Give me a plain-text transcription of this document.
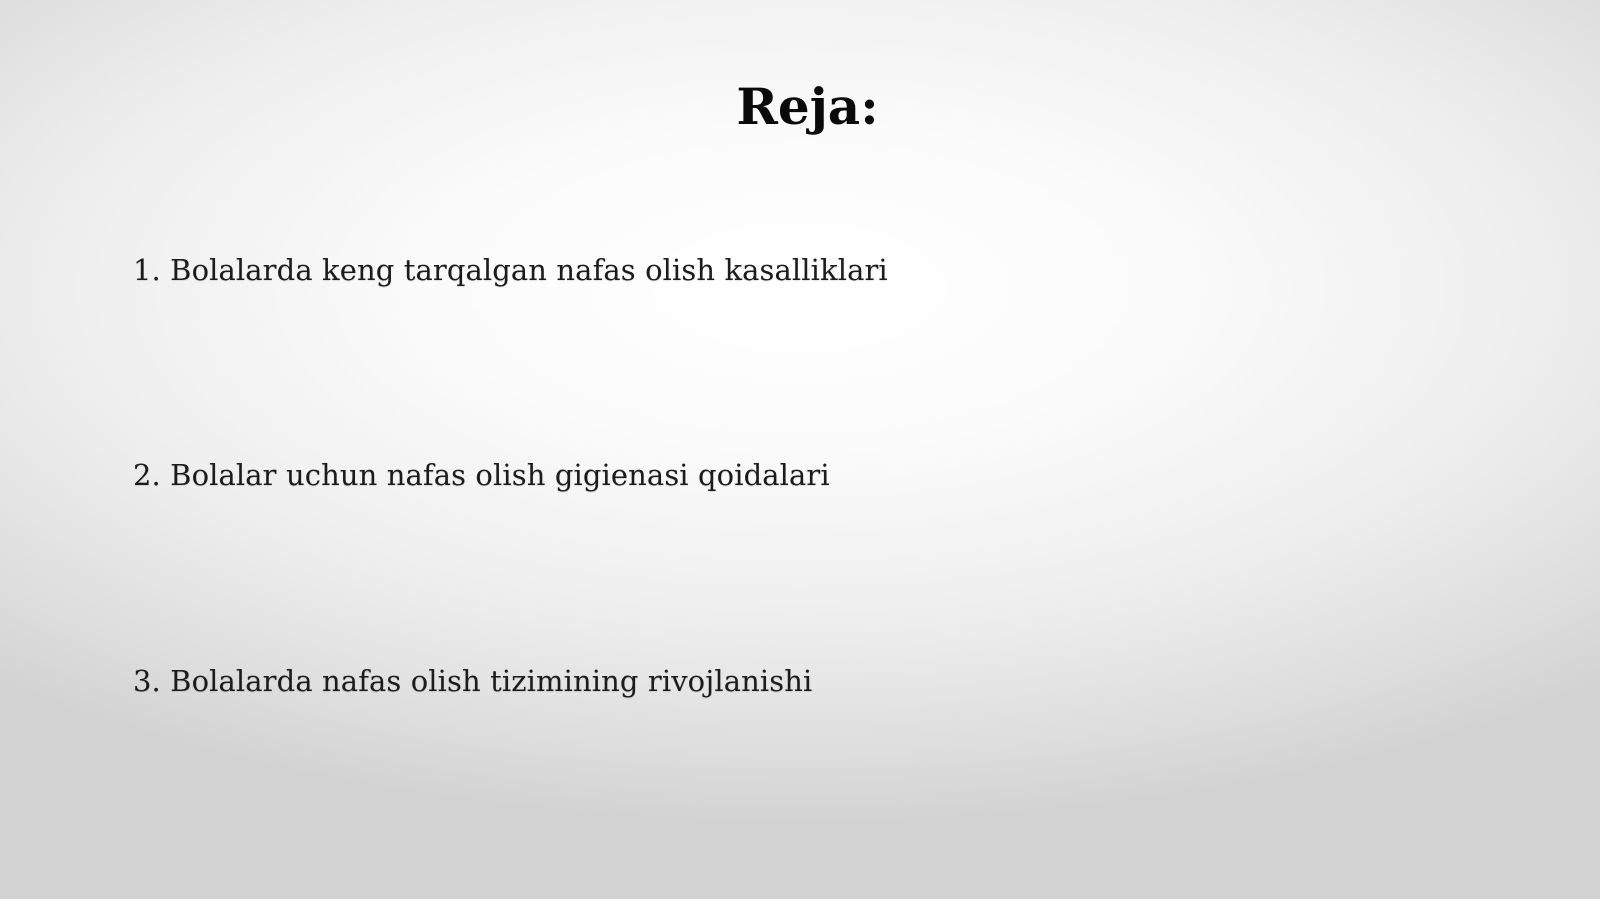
Reja:
1. Bolalarda keng tarqalgan nafas olish kasalliklari
2. Bolalar uchun nafas olish gigienasi qoidalari
3. Bolalarda nafas olish tizimining rivojlanishi
